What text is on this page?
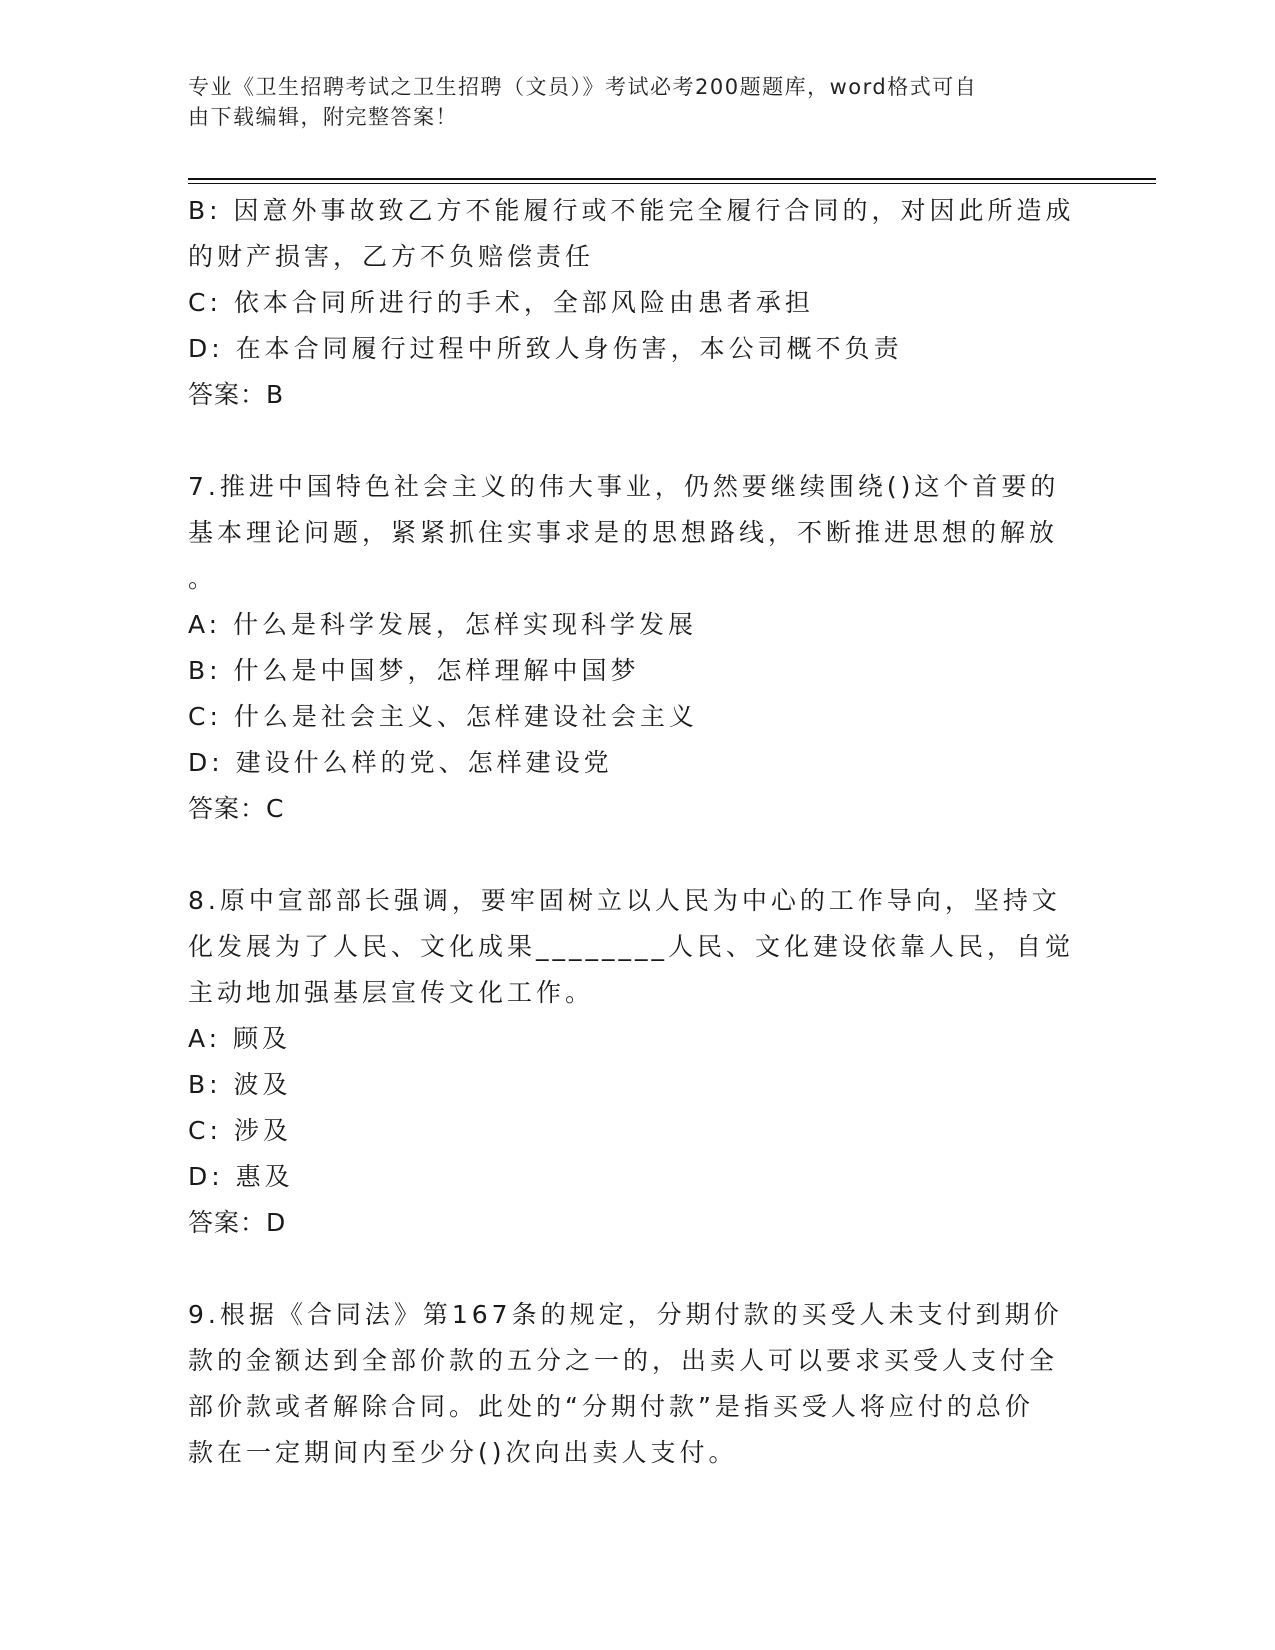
专业《卫生招聘考试之卫生招聘（文员）》考试必考200题题库，word格式可自
由下载编辑，附完整答案！
B: 因意外事故致乙方不能履行或不能完全履行合同的，对因此所造成
的财产损害，乙方不负赔偿责任
C: 依本合同所进行的手术，全部风险由患者承担
D: 在本合同履行过程中所致人身伤害，本公司概不负责
答案：B
7.推进中国特色社会主义的伟大事业，仍然要继续围绕()这个首要的
基本理论问题，紧紧抓住实事求是的思想路线，不断推进思想的解放
。
A: 什么是科学发展，怎样实现科学发展
B: 什么是中国梦，怎样理解中国梦
C: 什么是社会主义、怎样建设社会主义
D: 建设什么样的党、怎样建设党
答案：C
8.原中宣部部长强调，要牢固树立以人民为中心的工作导向，坚持文
化发展为了人民、文化成果________人民、文化建设依靠人民，自觉
主动地加强基层宣传文化工作。
A: 顾及
B: 波及
C: 涉及
D: 惠及
答案：D
9.根据《合同法》第167条的规定，分期付款的买受人未支付到期价
款的金额达到全部价款的五分之一的，出卖人可以要求买受人支付全
部价款或者解除合同。此处的“分期付款”是指买受人将应付的总价
款在一定期间内至少分()次向出卖人支付。
